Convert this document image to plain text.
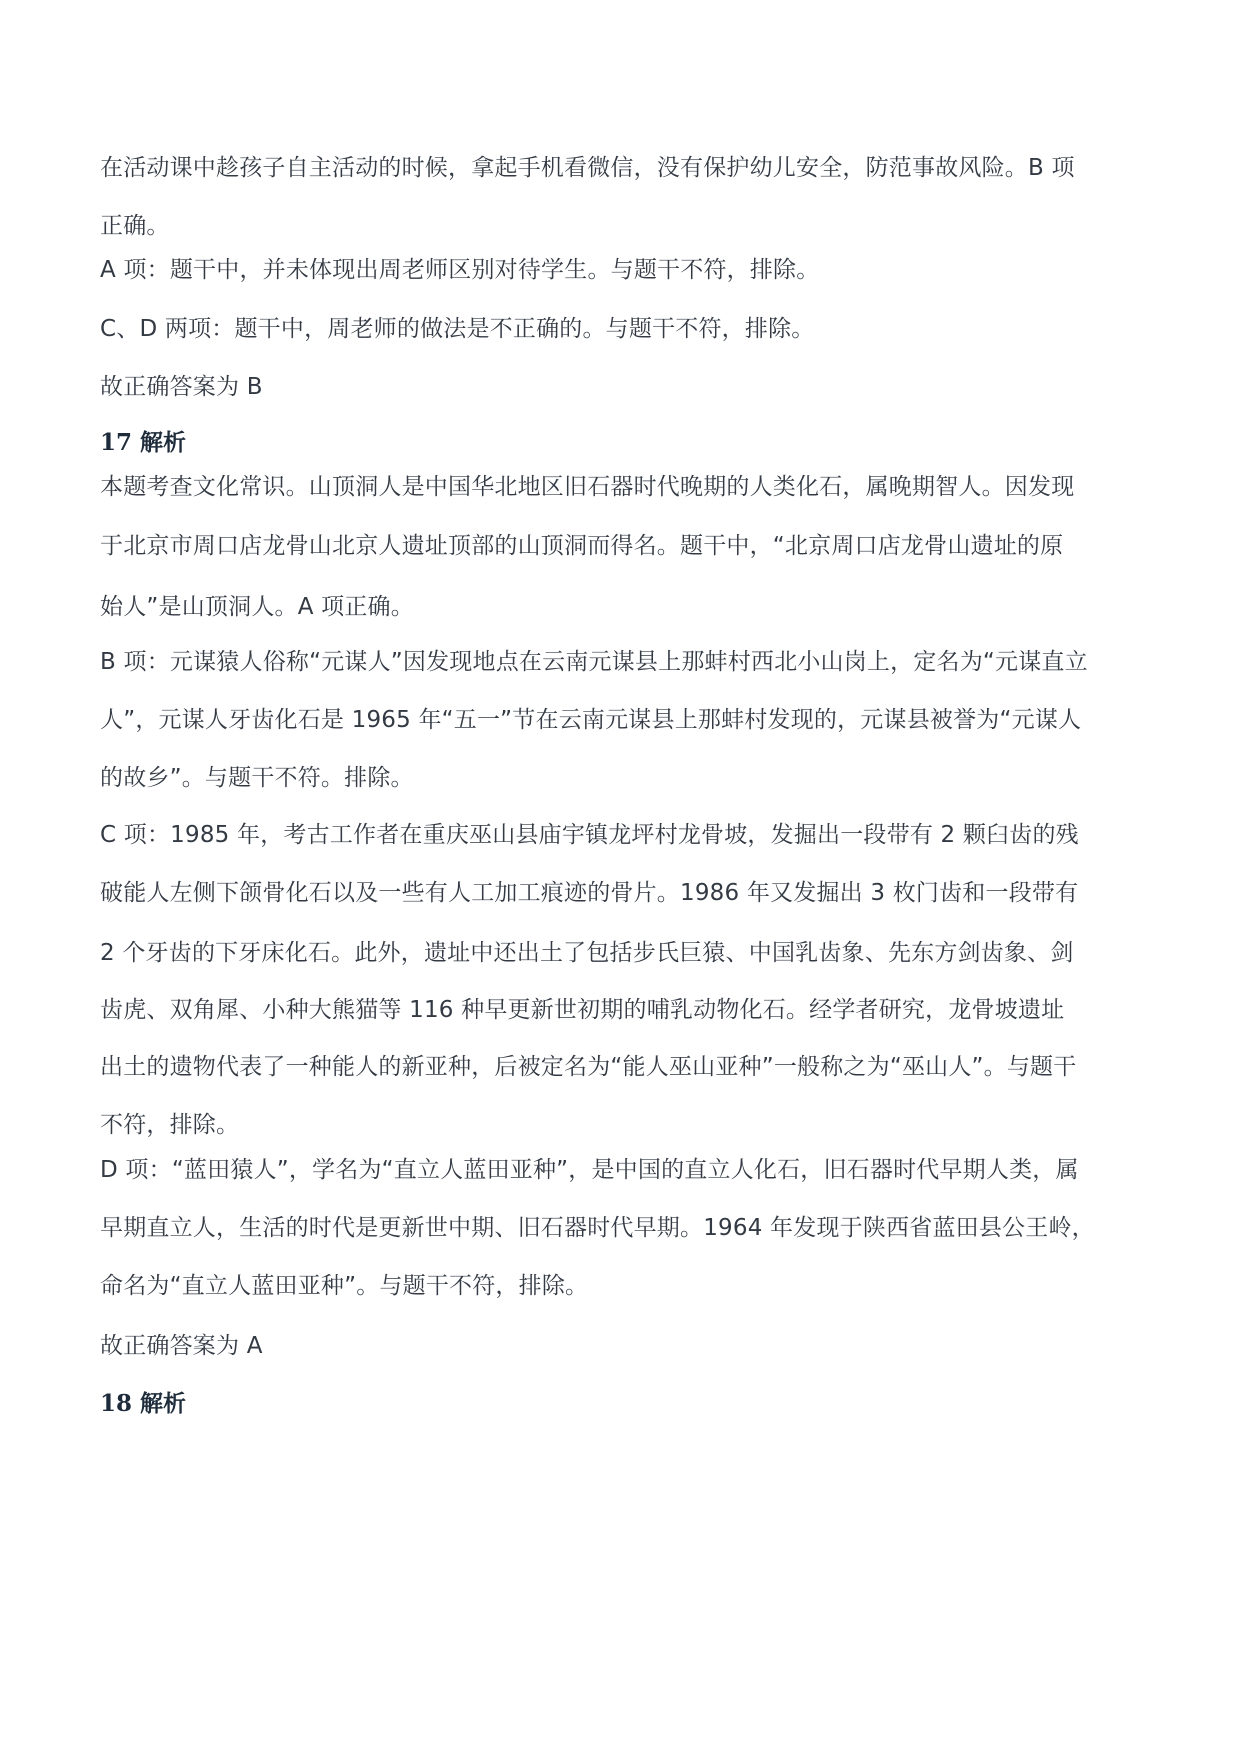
在活动课中趁孩子自主活动的时候，拿起手机看微信，没有保护幼儿安全，防范事故风险。B 项
正确。
A 项：题干中，并未体现出周老师区别对待学生。与题干不符，排除。
C、D 两项：题干中，周老师的做法是不正确的。与题干不符，排除。
故正确答案为 B
17 解析
本题考查文化常识。山顶洞人是中国华北地区旧石器时代晚期的人类化石，属晚期智人。因发现
于北京市周口店龙骨山北京人遗址顶部的山顶洞而得名。题干中，“北京周口店龙骨山遗址的原
始人”是山顶洞人。A 项正确。
B 项：元谋猿人俗称“元谋人”因发现地点在云南元谋县上那蚌村西北小山岗上，定名为“元谋直立
人”，元谋人牙齿化石是 1965 年“五一”节在云南元谋县上那蚌村发现的，元谋县被誉为“元谋人
的故乡”。与题干不符。排除。
C 项：1985 年，考古工作者在重庆巫山县庙宇镇龙坪村龙骨坡，发掘出一段带有 2 颗臼齿的残
破能人左侧下颌骨化石以及一些有人工加工痕迹的骨片。1986 年又发掘出 3 枚门齿和一段带有
2 个牙齿的下牙床化石。此外，遗址中还出土了包括步氏巨猿、中国乳齿象、先东方剑齿象、剑
齿虎、双角犀、小种大熊猫等 116 种早更新世初期的哺乳动物化石。经学者研究，龙骨坡遗址
出土的遗物代表了一种能人的新亚种，后被定名为“能人巫山亚种”一般称之为“巫山人”。与题干
不符，排除。
D 项：“蓝田猿人”，学名为“直立人蓝田亚种”，是中国的直立人化石，旧石器时代早期人类，属
早期直立人，生活的时代是更新世中期、旧石器时代早期。1964 年发现于陕西省蓝田县公王岭，
命名为“直立人蓝田亚种”。与题干不符，排除。
故正确答案为 A
18 解析
